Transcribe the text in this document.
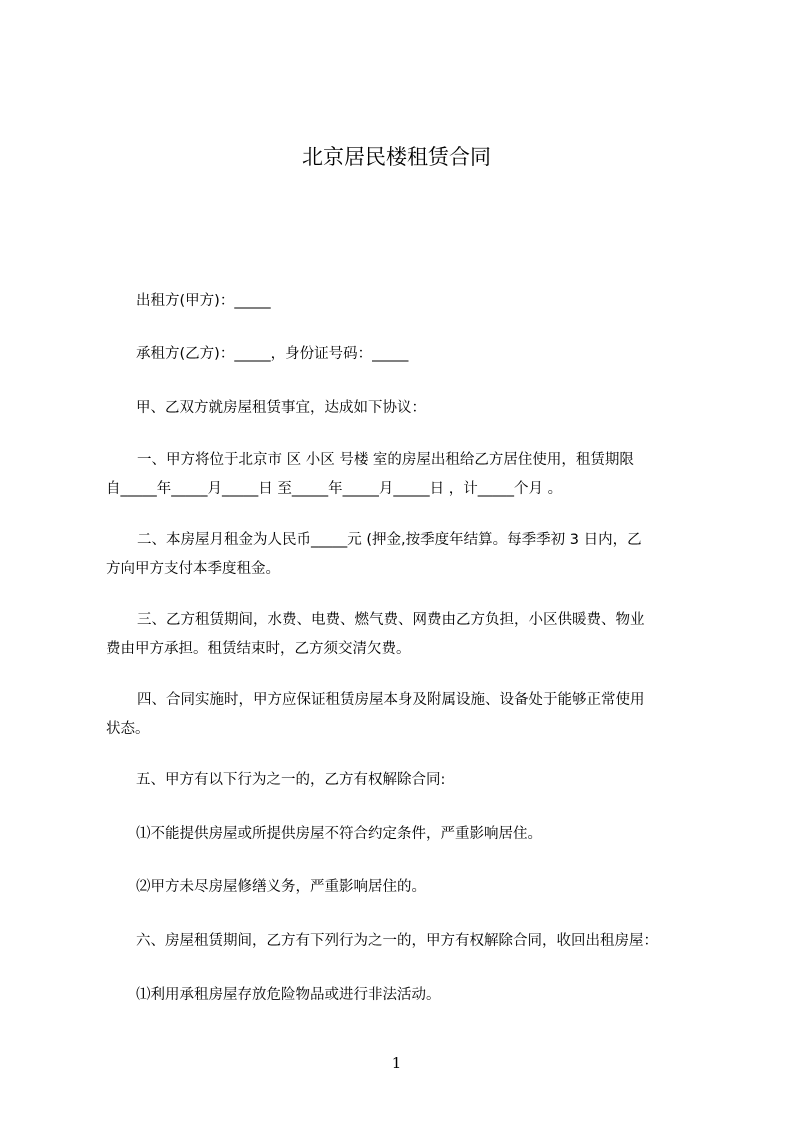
北京居民楼租赁合同
出租方(甲方)：_____
承租方(乙方)：_____，身份证号码：_____
甲、乙双方就房屋租赁事宜，达成如下协议：
一、甲方将位于北京市 区 小区 号楼 室的房屋出租给乙方居住使用，租赁期限
自_____年_____月_____日 至_____年_____月_____日 ，计_____个月 。
二、本房屋月租金为人民币_____元 (押金,按季度年结算。每季季初 3 日内，乙
方向甲方支付本季度租金。
三、乙方租赁期间，水费、电费、燃气费、网费由乙方负担，小区供暖费、物业
费由甲方承担。租赁结束时，乙方须交清欠费。
四、合同实施时，甲方应保证租赁房屋本身及附属设施、设备处于能够正常使用
状态。
五、甲方有以下行为之一的，乙方有权解除合同:
⑴不能提供房屋或所提供房屋不符合约定条件，严重影响居住。
⑵甲方未尽房屋修缮义务，严重影响居住的。
六、房屋租赁期间，乙方有下列行为之一的，甲方有权解除合同，收回出租房屋：
⑴利用承租房屋存放危险物品或进行非法活动。
1
